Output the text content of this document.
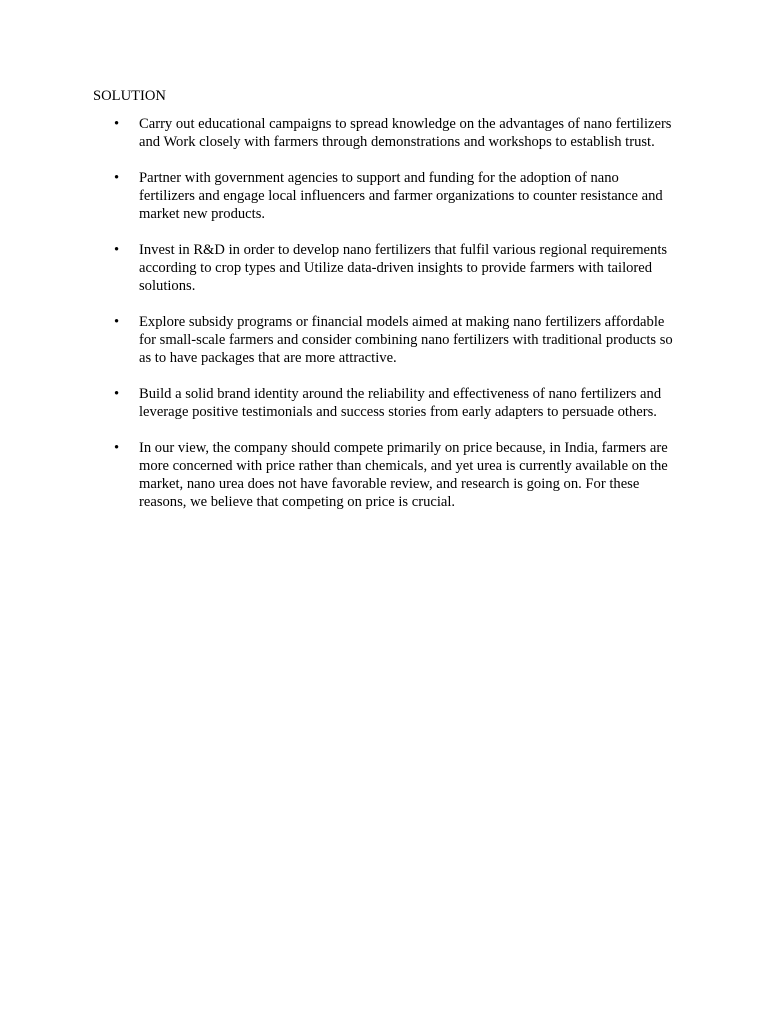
SOLUTION
• Carry out educational campaigns to spread knowledge on the advantages of nano fertilizers and Work closely with farmers through demonstrations and workshops to establish trust.
• Partner with government agencies to support and funding for the adoption of nano fertilizers and engage local influencers and farmer organizations to counter resistance and market new products.
• Invest in R&D in order to develop nano fertilizers that fulfil various regional requirements according to crop types and Utilize data-driven insights to provide farmers with tailored solutions.
• Explore subsidy programs or financial models aimed at making nano fertilizers affordable for small-scale farmers and consider combining nano fertilizers with traditional products so as to have packages that are more attractive.
• Build a solid brand identity around the reliability and effectiveness of nano fertilizers and leverage positive testimonials and success stories from early adapters to persuade others.
• In our view, the company should compete primarily on price because, in India, farmers are more concerned with price rather than chemicals, and yet urea is currently available on the market, nano urea does not have favorable review, and research is going on. For these reasons, we believe that competing on price is crucial.
